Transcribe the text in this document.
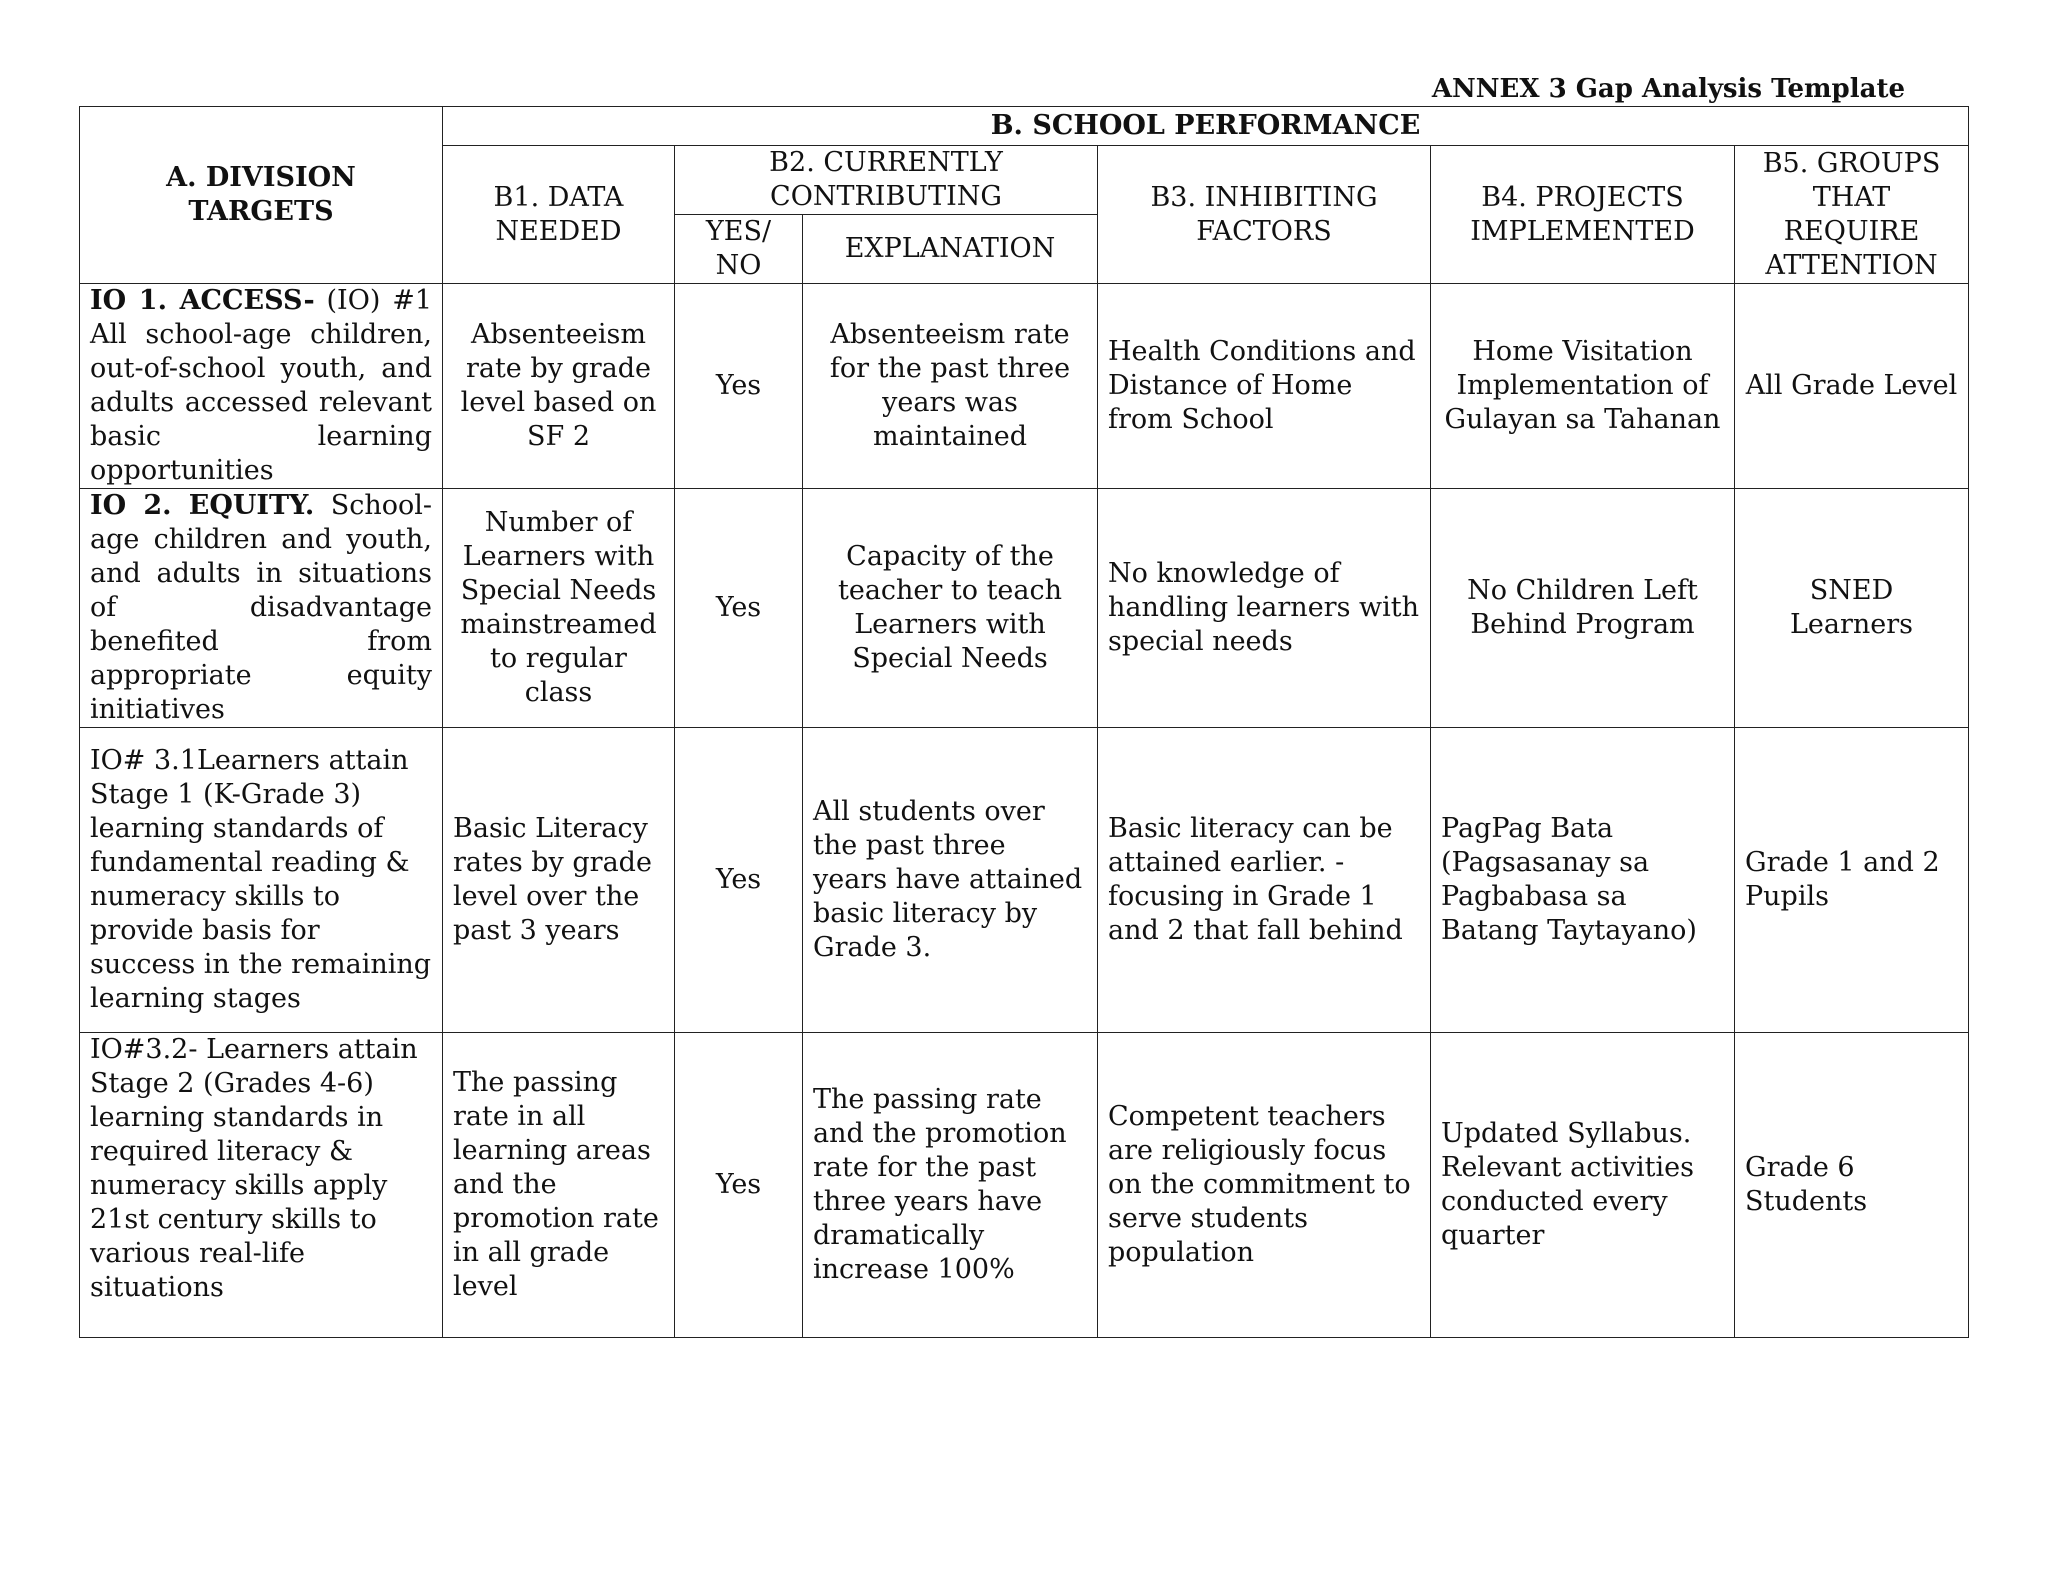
ANNEX 3 Gap Analysis Template
A. DIVISION TARGETS	B. SCHOOL PERFORMANCE					
	B1. DATA NEEDED	B2. CURRENTLY CONTRIBUTING		B3. INHIBITING FACTORS	B4. PROJECTS IMPLEMENTED	B5. GROUPS THAT REQUIRE ATTENTION
		YES/ NO	EXPLANATION			
IO 1. ACCESS- (IO) #1 All school-age children, out-of-school youth, and adults accessed relevant basic learning opportunities	Absenteeism rate by grade level based on SF 2	Yes	Absenteeism rate for the past three years was maintained	Health Conditions and Distance of Home from School	Home Visitation Implementation of Gulayan sa Tahanan	All Grade Level
IO 2. EQUITY. School-age children and youth, and adults in situations of disadvantage benefited from appropriate equity initiatives	Number of Learners with Special Needs mainstreamed to regular class	Yes	Capacity of the teacher to teach Learners with Special Needs	No knowledge of handling learners with special needs	No Children Left Behind Program	SNED Learners
IO# 3.1Learners attain Stage 1 (K-Grade 3) learning standards of fundamental reading & numeracy skills to provide basis for success in the remaining learning stages	Basic Literacy rates by grade level over the past 3 years	Yes	All students over the past three years have attained basic literacy by Grade 3.	Basic literacy can be attained earlier. -focusing in Grade 1 and 2 that fall behind	PagPag Bata (Pagsasanay sa Pagbabasa sa Batang Taytayano)	Grade 1 and 2 Pupils
IO#3.2- Learners attain Stage 2 (Grades 4-6) learning standards in required literacy & numeracy skills apply 21st century skills to various real-life situations	The passing rate in all learning areas and the promotion rate in all grade level	Yes	The passing rate and the promotion rate for the past three years have dramatically increase 100%	Competent teachers are religiously focus on the commitment to serve students population	Updated Syllabus. Relevant activities conducted every quarter	Grade 6 Students
